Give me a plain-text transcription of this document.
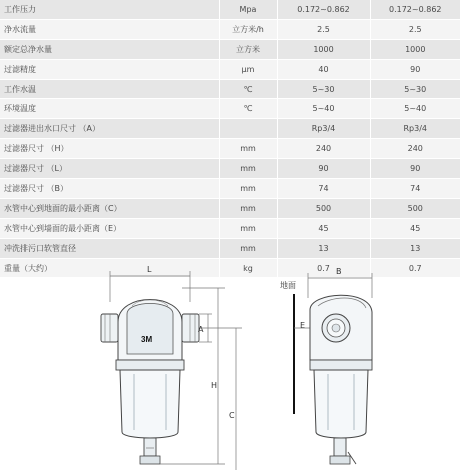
工作压力	Mpa	0.172~0.862	0.172~0.862
净水流量	立方米/h	2.5	2.5
额定总净水量	立方米	1000	1000
过滤精度	μm	40	90
工作水温	℃	5~30	5~30
环境温度	℃	5~40	5~40
过滤器进出水口尺寸 （A）		Rp3/4	Rp3/4
过滤器尺寸 （H）	mm	240	240
过滤器尺寸 （L）	mm	90	90
过滤器尺寸 （B）	mm	74	74
水管中心到地面的最小距离（C）	mm	500	500
水管中心到墙面的最小距离（E）	mm	45	45
冲洗排污口软管直径	mm	13	13
重量（大约）	kg	0.7	0.7
L
3M
A
H
C
B
地面
E
